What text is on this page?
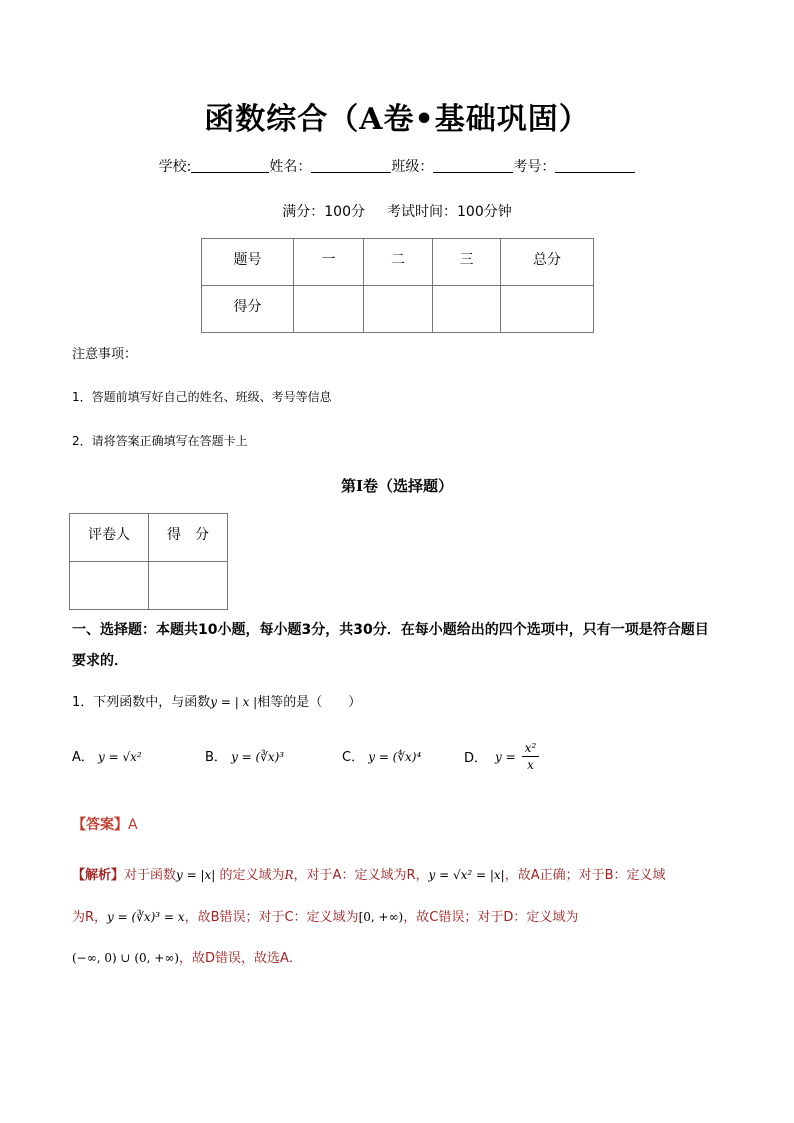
函数综合（A卷•基础巩固）
学校:	姓名：	班级：	考号：
满分：100分 考试时间：100分钟
题号	一	二	三	总分
得分				
注意事项：
1．答题前填写好自己的姓名、班级、考号等信息
2．请将答案正确填写在答题卡上
第I卷（选择题）
评卷人	得　分

一、选择题：本题共10小题，每小题3分，共30分．在每小题给出的四个选项中，只有一项是符合题目
要求的．
1．下列函数中，与函数y = | x |相等的是（　　）
A． y = √x²	B． y = (∛x)³	C． y = (∜x)⁴	D． $y = \frac{\text{x²}}{x}$
【答案】A
【解析】对于函数y = |x| 的定义域为R，对于A：定义域为R，y = √x² = |x|，故A正确；对于B：定义域
为R，y = (∛x)³ = x，故B错误；对于C：定义域为[0, +∞)，故C错误；对于D：定义域为
(−∞, 0) ∪ (0, +∞)，故D错误，故选A．
